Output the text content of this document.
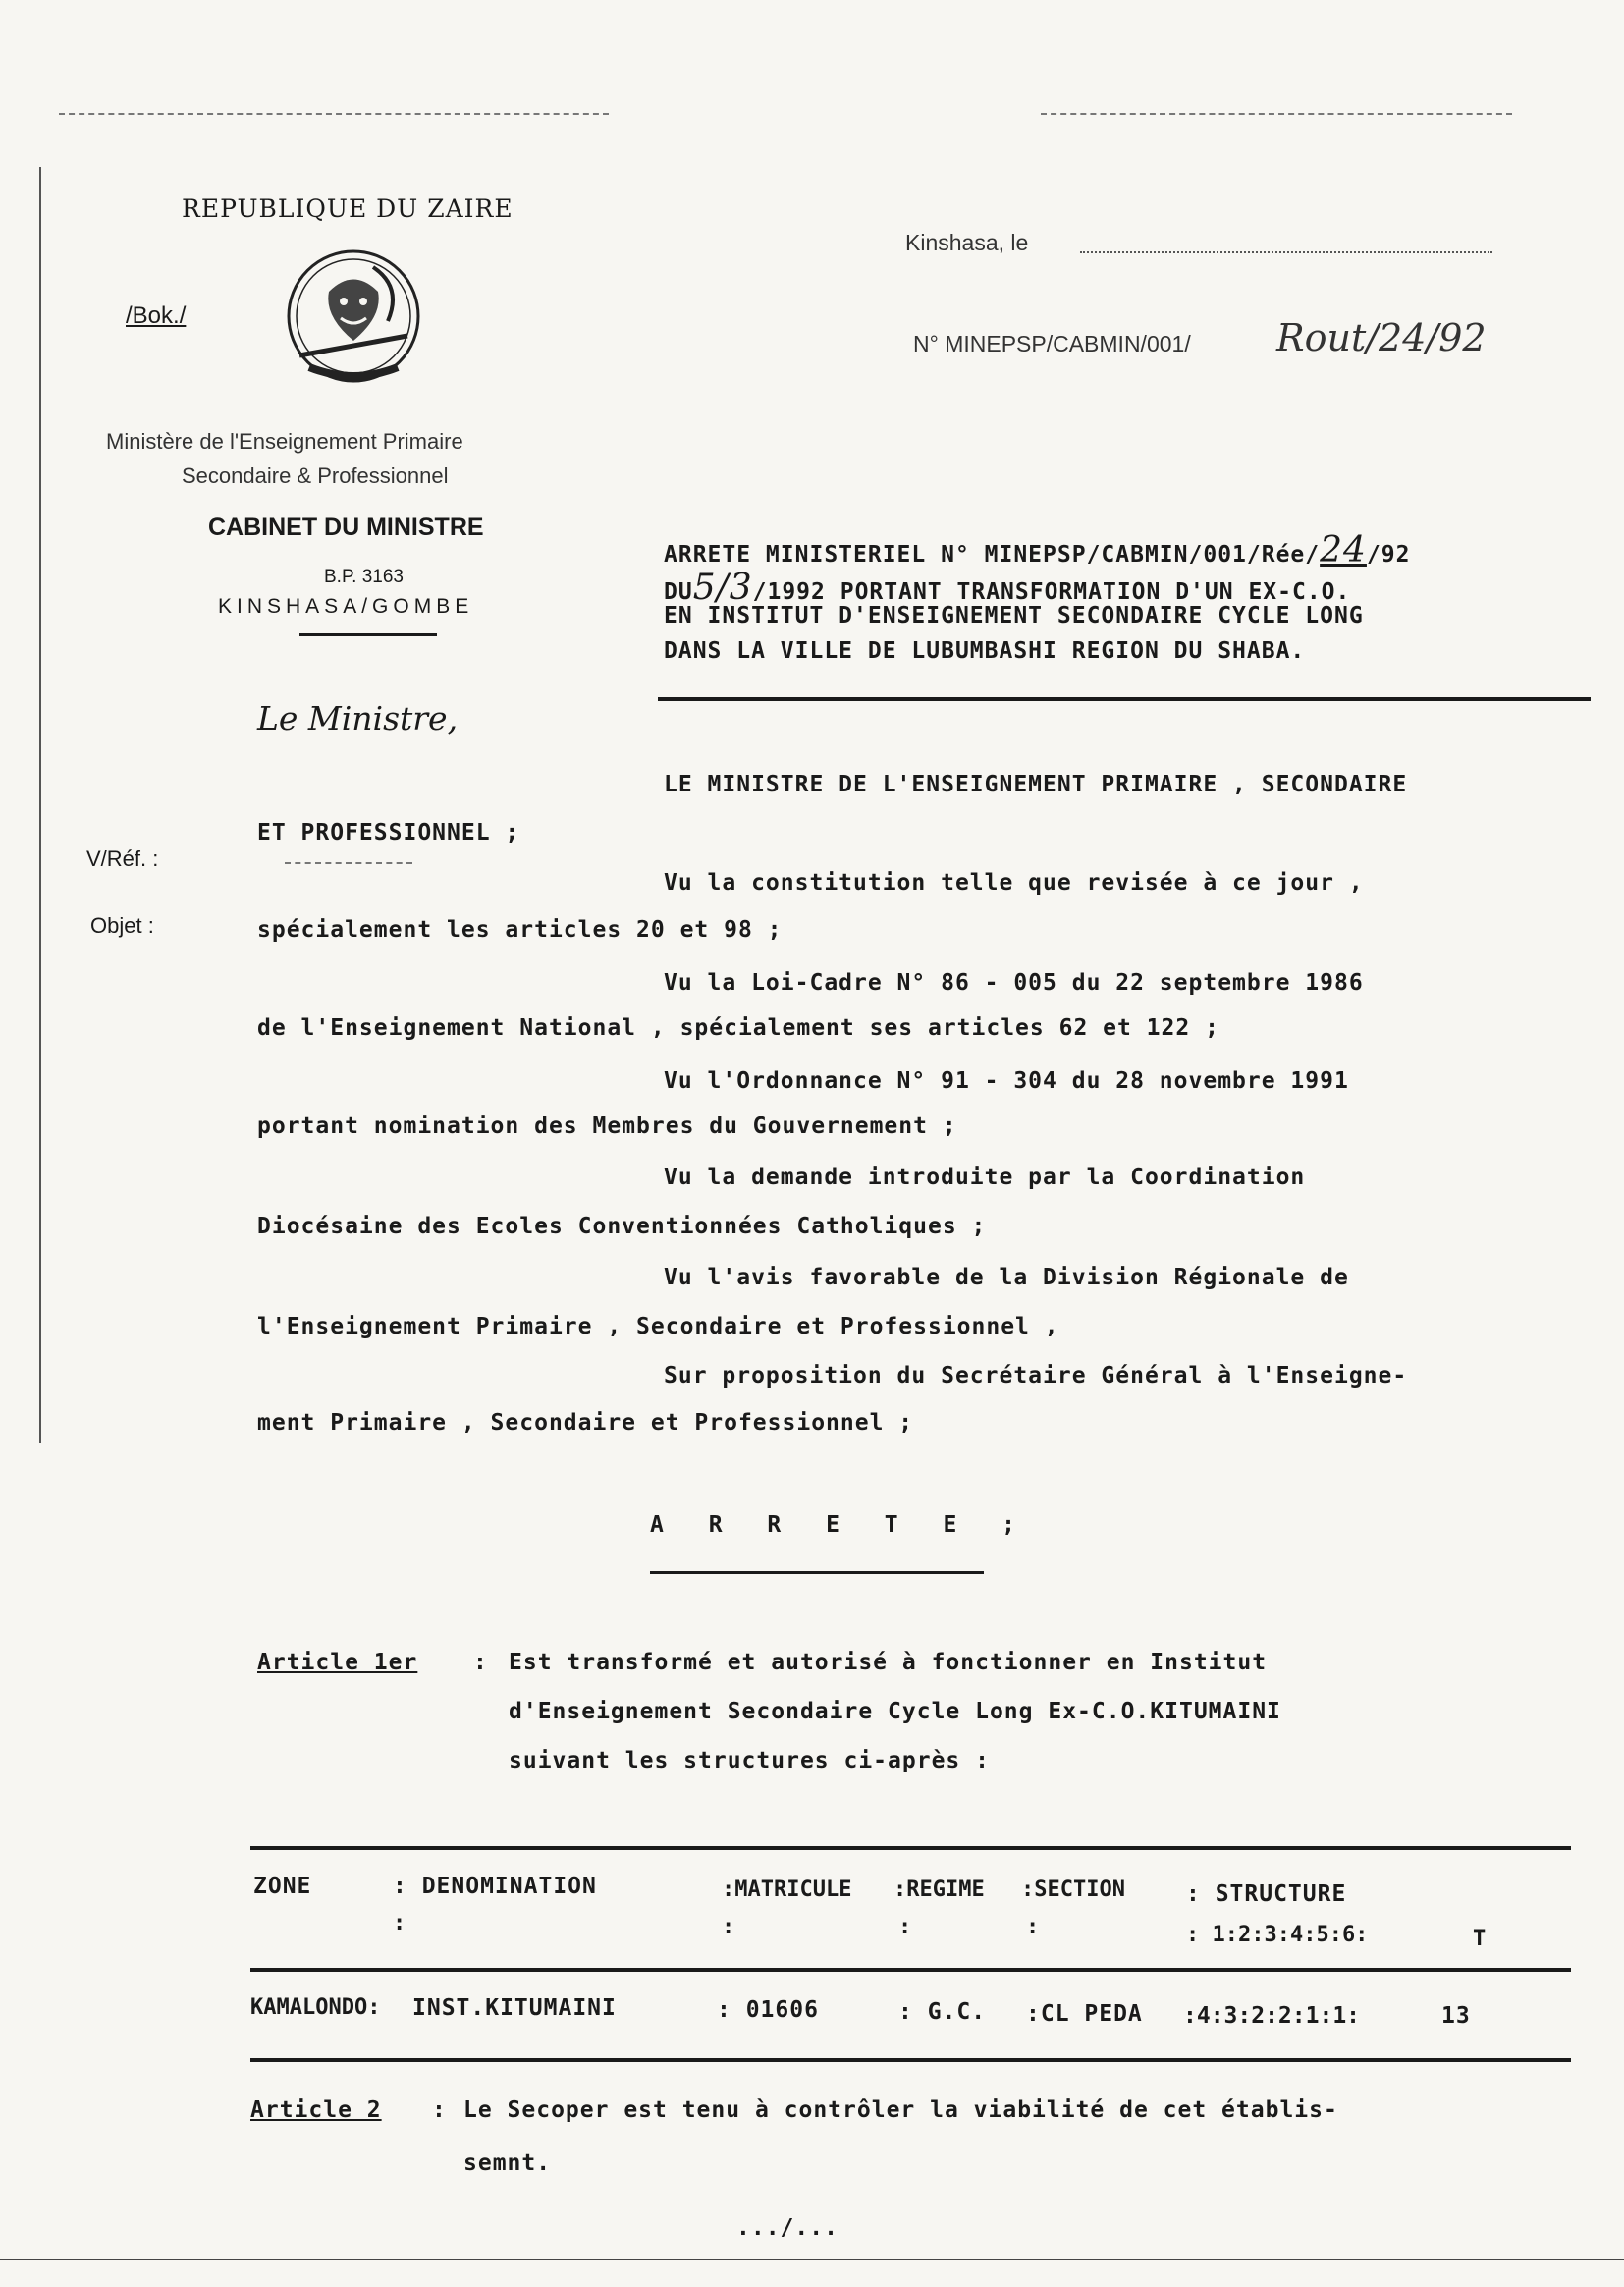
REPUBLIQUE DU ZAIRE
/Bok./
Ministère de l'Enseignement Primaire
Secondaire & Professionnel
CABINET DU MINISTRE
B.P. 3163
KINSHASA/GOMBE
Kinshasa, le
N° MINEPSP/CABMIN/001/ Rout/24/92
ARRETE MINISTERIEL N° MINEPSP/CABMIN/001/Rée/24/92
DU5/3/1992 PORTANT TRANSFORMATION D'UN EX-C.O.
EN INSTITUT D'ENSEIGNEMENT SECONDAIRE CYCLE LONG
DANS LA VILLE DE LUBUMBASHI REGION DU SHABA.
Le Ministre,
V/Réf. :
Objet :
LE MINISTRE DE L'ENSEIGNEMENT PRIMAIRE , SECONDAIRE
ET PROFESSIONNEL ;
Vu la constitution telle que revisée à ce jour ,
spécialement les articles 20 et 98 ;
Vu la Loi-Cadre N° 86 - 005 du 22 septembre 1986
de l'Enseignement National , spécialement ses articles 62 et 122 ;
Vu l'Ordonnance N° 91 - 304 du 28 novembre 1991
portant nomination des Membres du Gouvernement ;
Vu la demande introduite par la Coordination
Diocésaine des Ecoles Conventionnées Catholiques ;
Vu l'avis favorable de la Division Régionale de
l'Enseignement Primaire , Secondaire et Professionnel ,
Sur proposition du Secrétaire Général à l'Enseigne-
ment Primaire , Secondaire et Professionnel ;
A R R E T E ;
Article 1er : Est transformé et autorisé à fonctionner en Institut
d'Enseignement Secondaire Cycle Long Ex-C.O.KITUMAINI
suivant les structures ci-après :
ZONE	: DENOMINATION	:MATRICULE :REGIME :SECTION	: STRUCTURE
:	:	:	:	: 1:2:3:4:5:6:	T
KAMALONDO: INST.KITUMAINI	: 01606	: G.C. :CL PEDA :4:3:2:2:1:1:	13
Article 2 : Le Secoper est tenu à contrôler la viabilité de cet établis-
semnt.
.../...
